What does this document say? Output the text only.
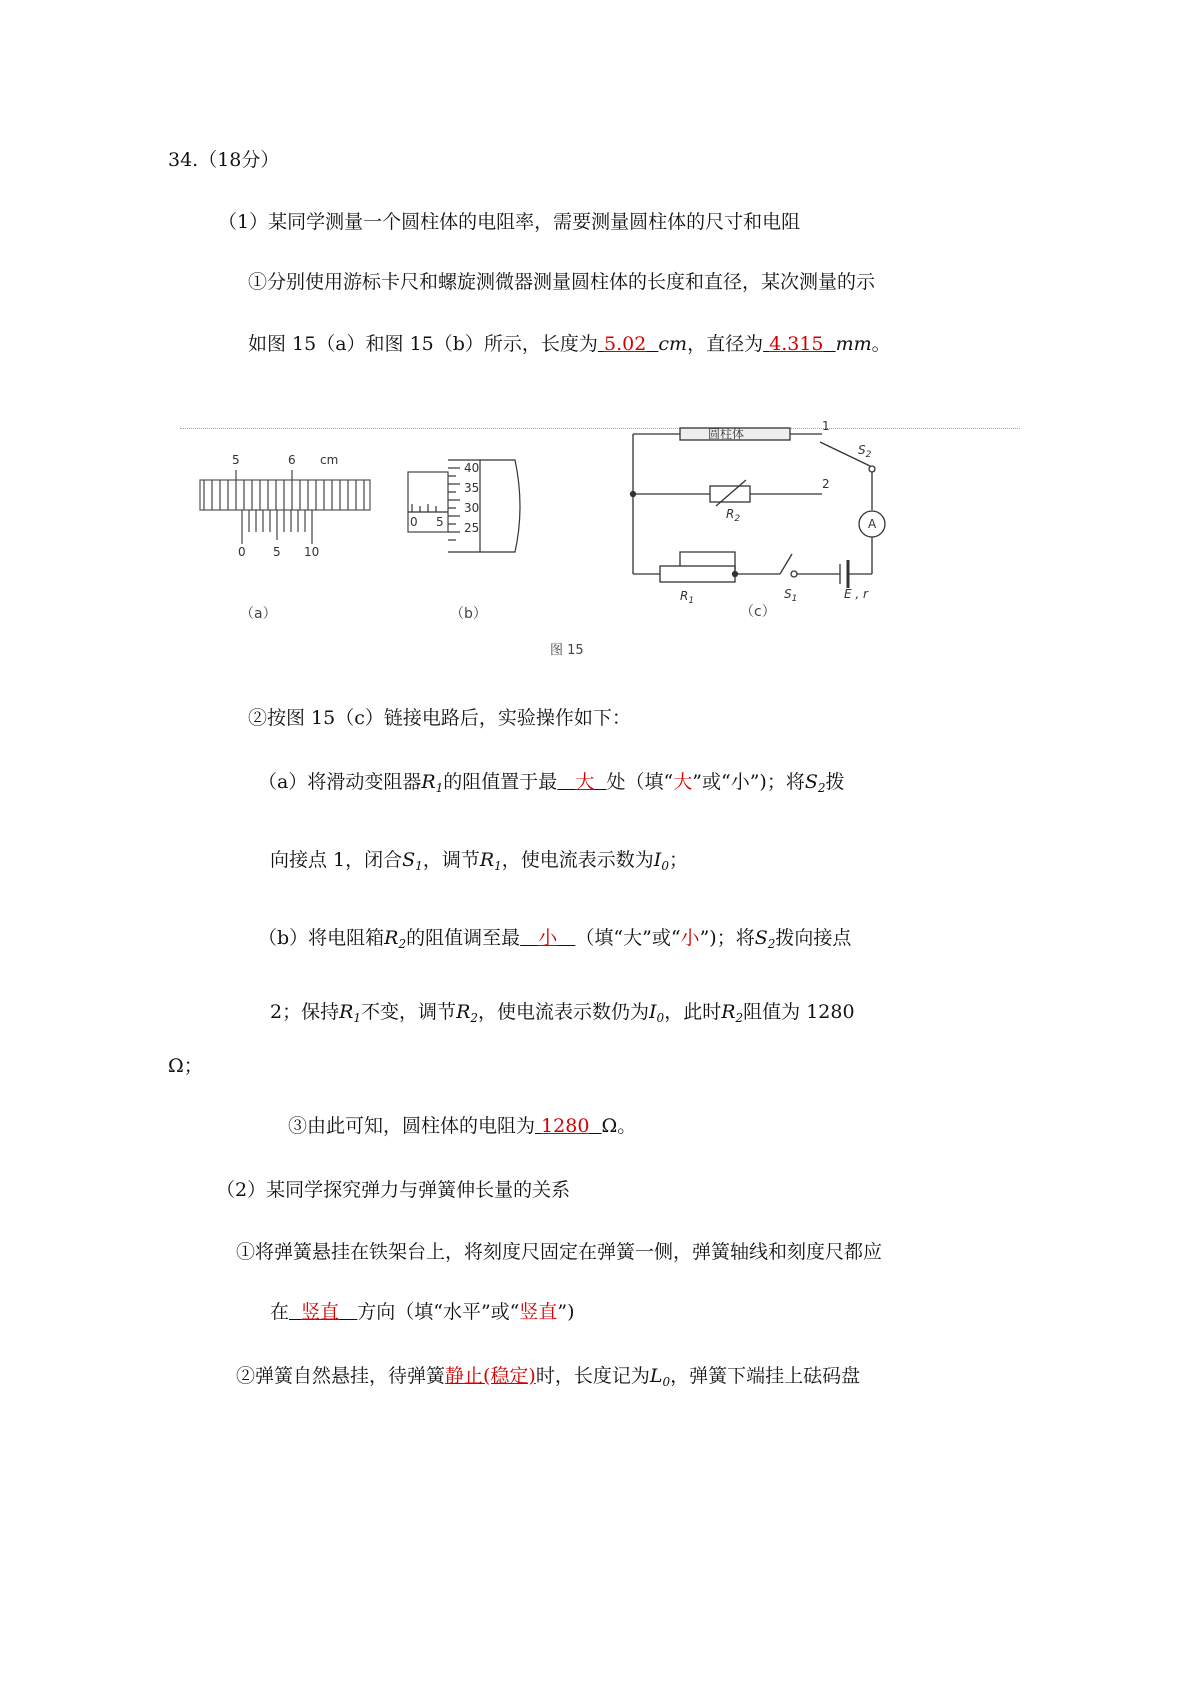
34.（18分）
（1）某同学测量一个圆柱体的电阻率，需要测量圆柱体的尺寸和电阻
①分别使用游标卡尺和螺旋测微器测量圆柱体的长度和直径，某次测量的示
如图 15（a）和图 15（b）所示，长度为 5.02 cm，直径为 4.315 mm。
5	6 cm
0 5 10
（a）
40
35
30
25
0 5
（b）
圆柱体
1
2
$S_2$
$R_2$	A
$R_1$	$S_1$	E , r
（c）
图 15
②按图 15（c）链接电路后，实验操作如下：
（a）将滑动变阻器$R_1$的阻值置于最 大 处（填“大”或“小”)；将$S_2$拨
向接点 1，闭合$S_1$，调节$R_1$，使电流表示数为$I_0$；
（b）将电阻箱$R_2$的阻值调至最 小 （填“大”或“小”)；将$S_2$拨向接点
2；保持$R_1$不变，调节$R_2$，使电流表示数仍为$I_0$，此时$R_2$阻值为 1280
Ω；
③由此可知，圆柱体的电阻为 1280 Ω。
（2）某同学探究弹力与弹簧伸长量的关系
①将弹簧悬挂在铁架台上，将刻度尺固定在弹簧一侧，弹簧轴线和刻度尺都应
在 竖直 方向（填“水平”或“竖直”)
②弹簧自然悬挂，待弹簧静止(稳定)时，长度记为$L_0$，弹簧下端挂上砝码盘
